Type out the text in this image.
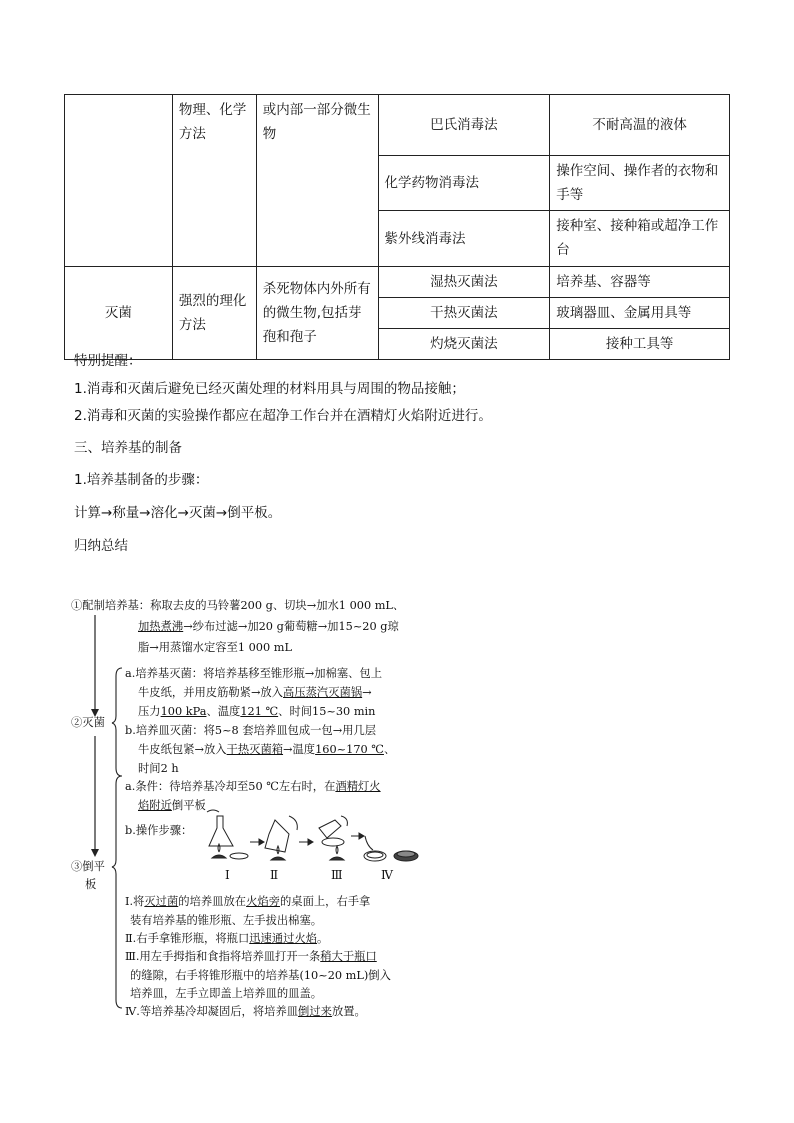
	物理、化学方法	或内部一部分微生物	巴氏消毒法	不耐高温的液体
			化学药物消毒法	操作空间、操作者的衣物和手等
			紫外线消毒法	接种室、接种箱或超净工作台
灭菌	强烈的理化方法	杀死物体内外所有的微生物,包括芽孢和孢子	湿热灭菌法	培养基、容器等
			干热灭菌法	玻璃器皿、金属用具等
			灼烧灭菌法	接种工具等
特别提醒：
1.消毒和灭菌后避免已经灭菌处理的材料用具与周围的物品接触；
2.消毒和灭菌的实验操作都应在超净工作台并在酒精灯火焰附近进行。
三、培养基的制备
1.培养基制备的步骤：
计算→称量→溶化→灭菌→倒平板。
归纳总结
①配制培养基：称取去皮的马铃薯200 g、切块→加水1 000 mL、
加热煮沸→纱布过滤→加20 g葡萄糖→加15~20 g琼
脂→用蒸馏水定容至1 000 mL
②灭菌
a.培养基灭菌：将培养基移至锥形瓶→加棉塞、包上
牛皮纸，并用皮筋勒紧→放入高压蒸汽灭菌锅→
压力100 kPa、温度121 ℃、时间15~30 min
b.培养皿灭菌：将5~8 套培养皿包成一包→用几层
牛皮纸包紧→放入干热灭菌箱→温度160~170 ℃、
时间2 h
③倒平
板
a.条件：待培养基冷却至50 ℃左右时，在酒精灯火
焰附近倒平板
b.操作步骤：
Ⅰ	Ⅱ	Ⅲ	Ⅳ
Ⅰ.将灭过菌的培养皿放在火焰旁的桌面上，右手拿
装有培养基的锥形瓶、左手拔出棉塞。
Ⅱ.右手拿锥形瓶，将瓶口迅速通过火焰。
Ⅲ.用左手拇指和食指将培养皿打开一条稍大于瓶口
的缝隙，右手将锥形瓶中的培养基(10~20 mL)倒入
培养皿，左手立即盖上培养皿的皿盖。
Ⅳ.等培养基冷却凝固后，将培养皿倒过来放置。
